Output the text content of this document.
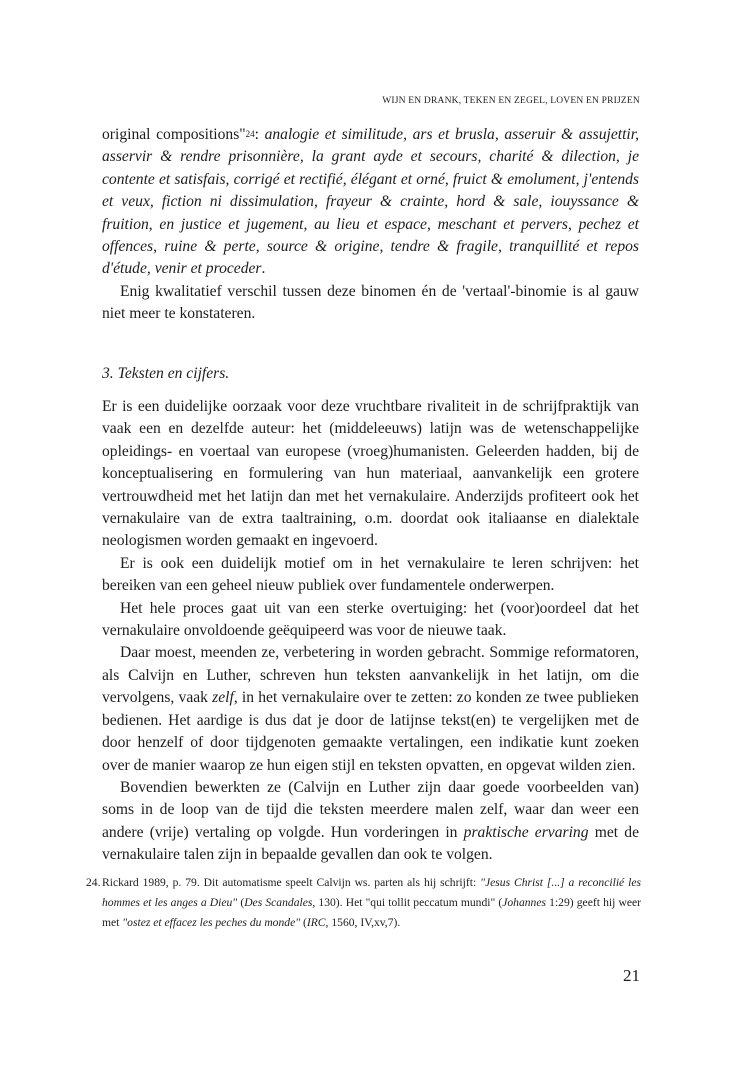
WIJN EN DRANK, TEKEN EN ZEGEL, LOVEN EN PRIJZEN

original compositions"$^{24}$: analogie et similitude, ars et brusla, asseruir & assujettir, asservir & rendre prisonnière, la grant ayde et secours, charité & dilection, je contente et satisfais, corrigé et rectifié, élégant et orné, fruict & emolument, j'entends et veux, fiction ni dissimulation, frayeur & crainte, hord & sale, iouyssance & fruition, en justice et jugement, au lieu et espace, meschant et pervers, pechez et offences, ruine & perte, source & origine, tendre & fragile, tranquillité et repos d'étude, venir et proceder.

Enig kwalitatief verschil tussen deze binomen én de 'vertaal'-binomie is al gauw niet meer te konstateren.

3. Teksten en cijfers.

Er is een duidelijke oorzaak voor deze vruchtbare rivaliteit in de schrijfpraktijk van vaak een en dezelfde auteur: het (middeleeuws) latijn was de wetenschappelijke opleidings- en voertaal van europese (vroeg)humanisten. Geleerden hadden, bij de konceptualisering en formulering van hun materiaal, aanvankelijk een grotere vertrouwdheid met het latijn dan met het vernakulaire. Anderzijds profiteert ook het vernakulaire van de extra taaltraining, o.m. doordat ook italiaanse en dialektale neologismen worden gemaakt en ingevoerd.

Er is ook een duidelijk motief om in het vernakulaire te leren schrijven: het bereiken van een geheel nieuw publiek over fundamentele onderwerpen.

Het hele proces gaat uit van een sterke overtuiging: het (voor)oordeel dat het vernakulaire onvoldoende geëquipeerd was voor de nieuwe taak.

Daar moest, meenden ze, verbetering in worden gebracht. Sommige reformatoren, als Calvijn en Luther, schreven hun teksten aanvankelijk in het latijn, om die vervolgens, vaak zelf, in het vernakulaire over te zetten: zo konden ze twee publieken bedienen. Het aardige is dus dat je door de latijnse tekst(en) te vergelijken met de door henzelf of door tijdgenoten gemaakte vertalingen, een indikatie kunt zoeken over de manier waarop ze hun eigen stijl en teksten opvatten, en opgevat wilden zien.

Bovendien bewerkten ze (Calvijn en Luther zijn daar goede voorbeelden van) soms in de loop van de tijd die teksten meerdere malen zelf, waar dan weer een andere (vrije) vertaling op volgde. Hun vorderingen in praktische ervaring met de vernakulaire talen zijn in bepaalde gevallen dan ook te volgen.

24. Rickard 1989, p. 79. Dit automatisme speelt Calvijn ws. parten als hij schrijft: "Jesus Christ [...] a reconcilié les hommes et les anges a Dieu" (Des Scandales, 130). Het "qui tollit peccatum mundi" (Johannes 1:29) geeft hij weer met "ostez et effacez les peches du monde" (IRC, 1560, IV,xv,7).
21
